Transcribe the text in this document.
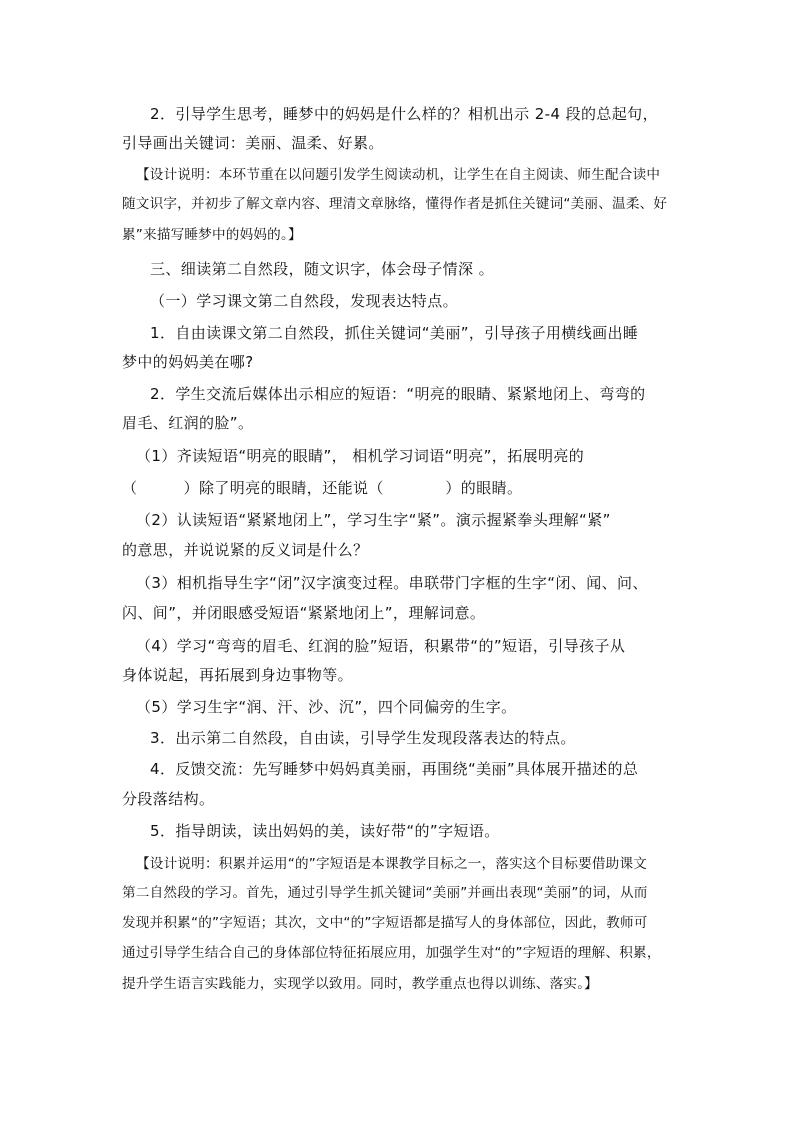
2．引导学生思考，睡梦中的妈妈是什么样的？相机出示 2-4 段的总起句，

引导画出关键词：美丽、温柔、好累。

【设计说明：本环节重在以问题引发学生阅读动机，让学生在自主阅读、师生配合读中

随文识字，并初步了解文章内容、理清文章脉络，懂得作者是抓住关键词“美丽、温柔、好

累”来描写睡梦中的妈妈的。】

三、细读第二自然段，随文识字，体会母子情深 。

（一）学习课文第二自然段，发现表达特点。

1．自由读课文第二自然段，抓住关键词“美丽”，引导孩子用横线画出睡

梦中的妈妈美在哪?

2．学生交流后媒体出示相应的短语：“明亮的眼睛、紧紧地闭上、弯弯的

眉毛、红润的脸”。

（1）齐读短语“明亮的眼睛”， 相机学习词语“明亮”，拓展明亮的

（　　　）除了明亮的眼睛，还能说（　　　　）的眼睛。

（2）认读短语“紧紧地闭上”，学习生字“紧”。演示握紧拳头理解“紧”

的意思，并说说紧的反义词是什么？

（3）相机指导生字“闭”汉字演变过程。串联带门字框的生字“闭、闻、问、

闪、间”，并闭眼感受短语“紧紧地闭上”，理解词意。

（4）学习“弯弯的眉毛、红润的脸”短语，积累带“的”短语，引导孩子从

身体说起，再拓展到身边事物等。

（5）学习生字“润、汗、沙、沉”，四个同偏旁的生字。

3．出示第二自然段，自由读，引导学生发现段落表达的特点。

4．反馈交流：先写睡梦中妈妈真美丽，再围绕“美丽”具体展开描述的总

分段落结构。

5．指导朗读，读出妈妈的美，读好带“的”字短语。

【设计说明：积累并运用“的”字短语是本课教学目标之一，落实这个目标要借助课文

第二自然段的学习。首先，通过引导学生抓关键词“美丽”并画出表现“美丽”的词，从而

发现并积累“的”字短语；其次，文中“的”字短语都是描写人的身体部位，因此，教师可

通过引导学生结合自己的身体部位特征拓展应用，加强学生对“的”字短语的理解、积累，

提升学生语言实践能力，实现学以致用。同时，教学重点也得以训练、落实。】
